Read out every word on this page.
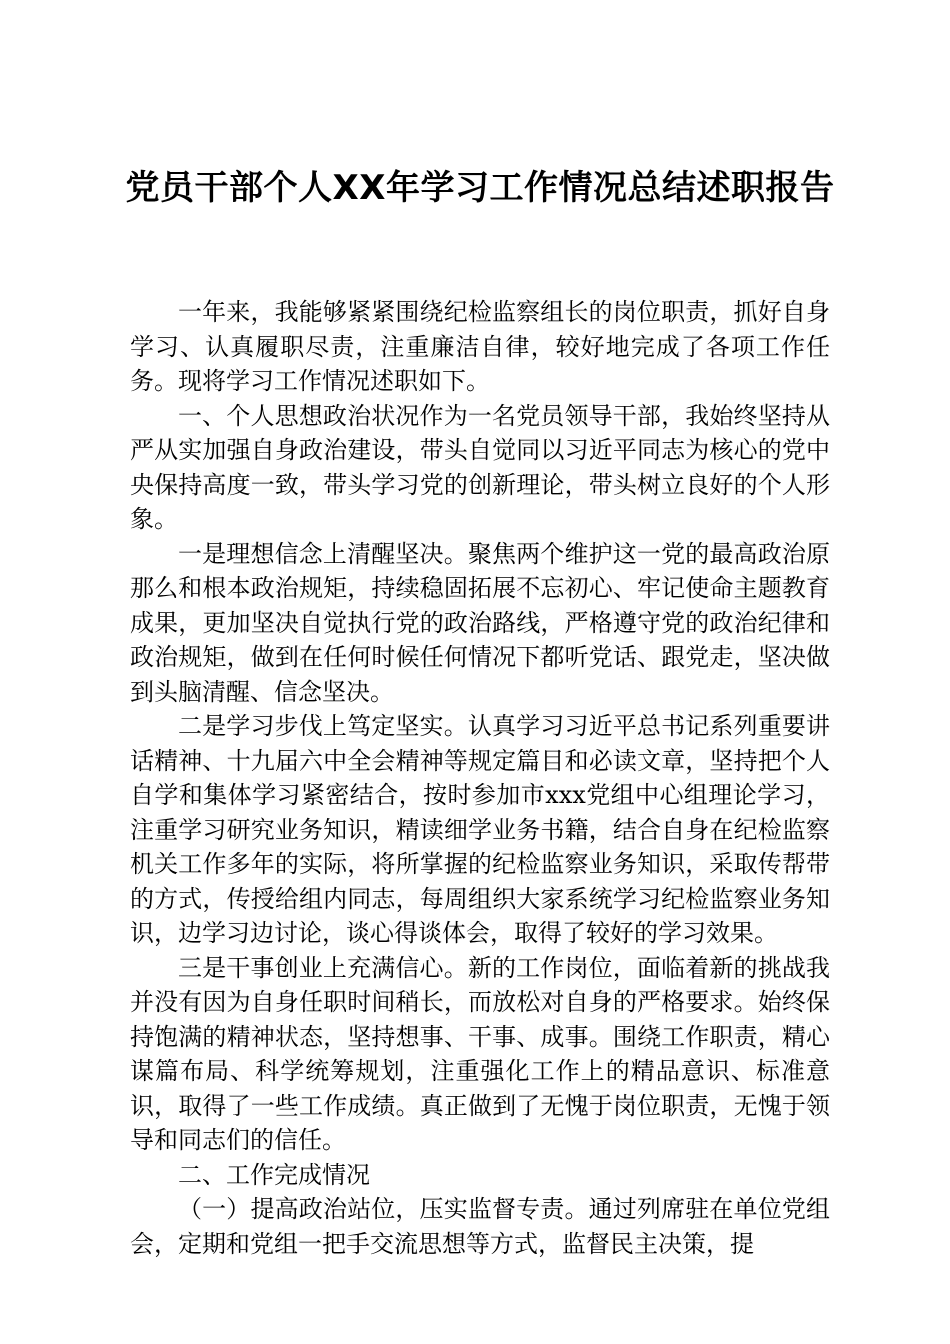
党员干部个人XX年学习工作情况总结述职报告

一年来，我能够紧紧围绕纪检监察组长的岗位职责，抓好自身学习、认真履职尽责，注重廉洁自律，较好地完成了各项工作任务。现将学习工作情况述职如下。

一、个人思想政治状况作为一名党员领导干部，我始终坚持从严从实加强自身政治建设，带头自觉同以习近平同志为核心的党中央保持高度一致，带头学习党的创新理论，带头树立良好的个人形象。

一是理想信念上清醒坚决。聚焦两个维护这一党的最高政治原那么和根本政治规矩，持续稳固拓展不忘初心、牢记使命主题教育成果，更加坚决自觉执行党的政治路线，严格遵守党的政治纪律和政治规矩，做到在任何时候任何情况下都听党话、跟党走，坚决做到头脑清醒、信念坚决。

二是学习步伐上笃定坚实。认真学习习近平总书记系列重要讲话精神、十九届六中全会精神等规定篇目和必读文章，坚持把个人自学和集体学习紧密结合，按时参加市xxx党组中心组理论学习，注重学习研究业务知识，精读细学业务书籍，结合自身在纪检监察机关工作多年的实际，将所掌握的纪检监察业务知识，采取传帮带的方式，传授给组内同志，每周组织大家系统学习纪检监察业务知识，边学习边讨论，谈心得谈体会，取得了较好的学习效果。

三是干事创业上充满信心。新的工作岗位，面临着新的挑战我并没有因为自身任职时间稍长，而放松对自身的严格要求。始终保持饱满的精神状态，坚持想事、干事、成事。围绕工作职责，精心谋篇布局、科学统筹规划，注重强化工作上的精品意识、标准意识，取得了一些工作成绩。真正做到了无愧于岗位职责，无愧于领导和同志们的信任。

二、工作完成情况

（一）提高政治站位，压实监督专责。通过列席驻在单位党组会，定期和党组一把手交流思想等方式，监督民主决策，提
